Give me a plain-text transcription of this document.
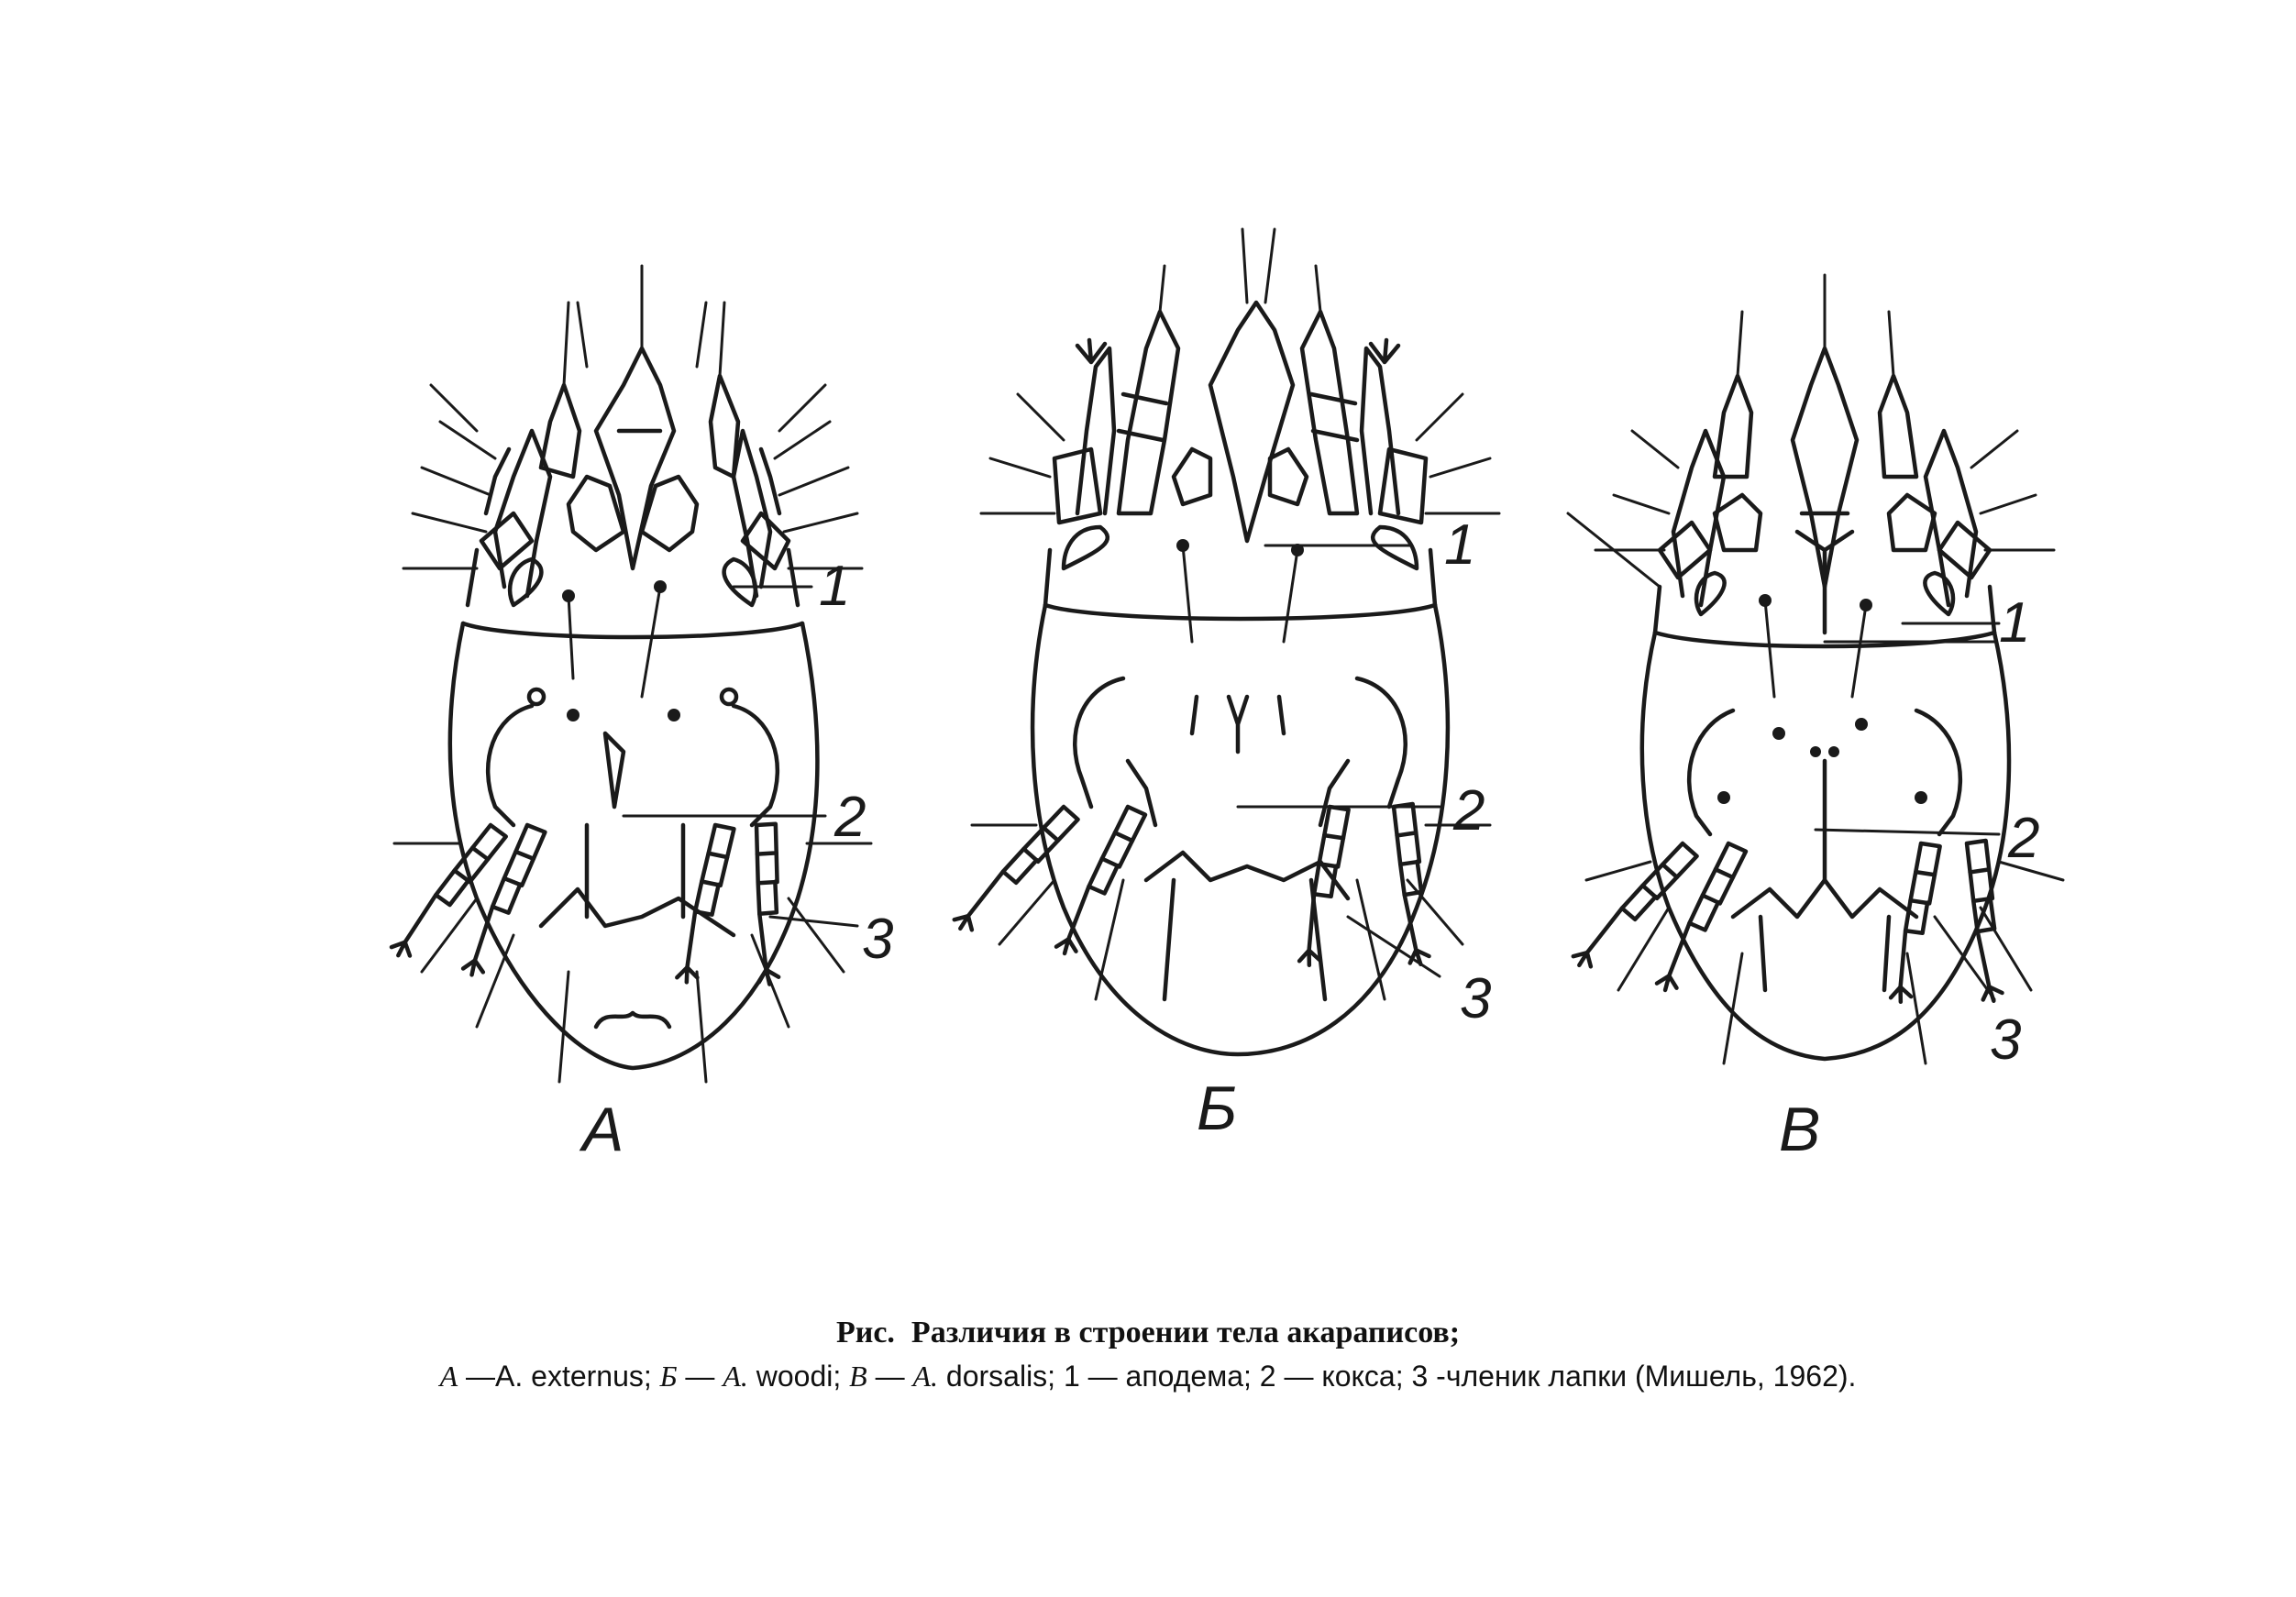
1
2
3
А
1
2
3
Б
1
2
3
В
Рис. Различия в строении тела акараписов;
А —A. externus; Б — A. woodi; В — A. dorsalis; 1 — аподема; 2 — кокса; 3 -членик лапки (Мишель, 1962).
